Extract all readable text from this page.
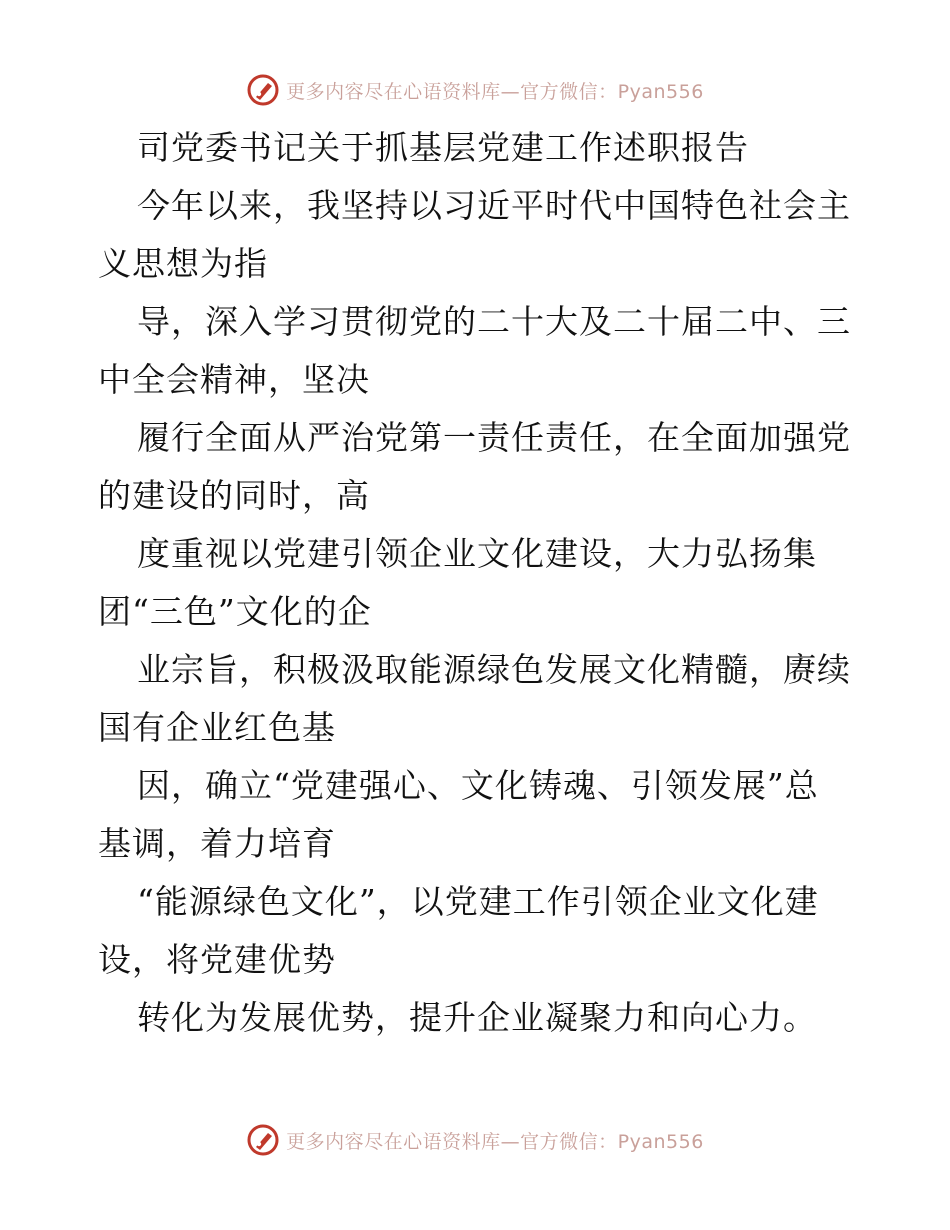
更多内容尽在心语资料库—官方微信：Pyan556
司党委书记关于抓基层党建工作述职报告
今年以来，我坚持以习近平时代中国特色社会主
义思想为指
导，深入学习贯彻党的二十大及二十届二中、三
中全会精神，坚决
履行全面从严治党第一责任责任，在全面加强党
的建设的同时，高
度重视以党建引领企业文化建设，大力弘扬集
团“三色”文化的企
业宗旨，积极汲取能源绿色发展文化精髓，赓续
国有企业红色基
因，确立“党建强心、文化铸魂、引领发展”总
基调，着力培育
“能源绿色文化”，以党建工作引领企业文化建
设，将党建优势
转化为发展优势，提升企业凝聚力和向心力。
更多内容尽在心语资料库—官方微信：Pyan556
